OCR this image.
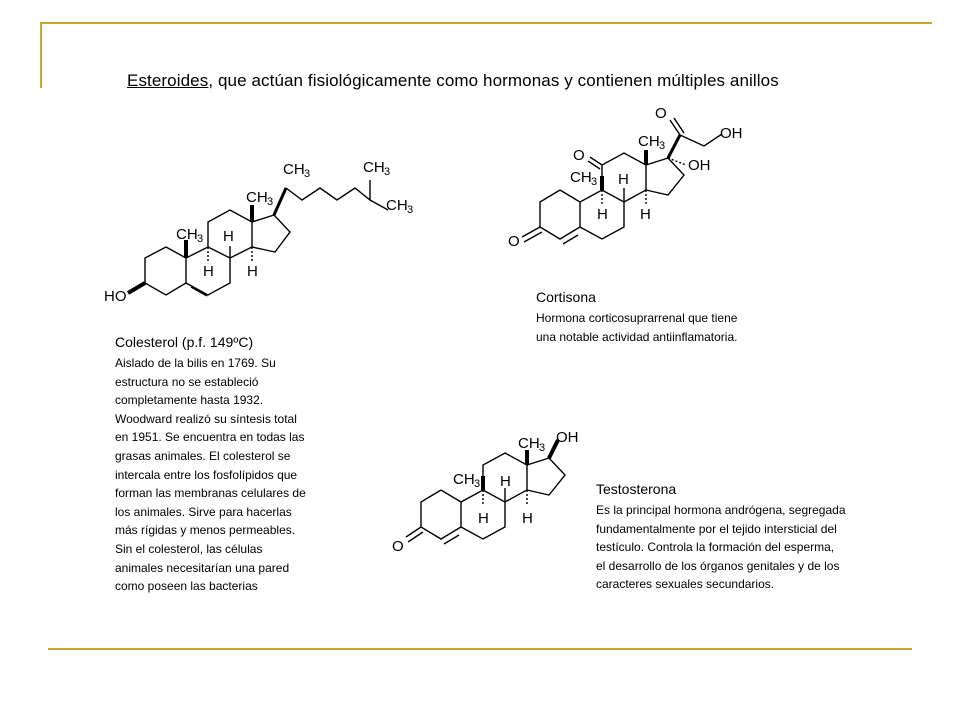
Esteroides, que actúan fisiológicamente como hormonas y contienen múltiples anillos
HO
CH 3
CH 3
CH 3	CH 3
CH 3
H
H H
O
O
O
OH
OH
CH 3
CH 3 H
H H
O
OH
CH 3
CH 3 H
H H

Colesterol (p.f. 149ºC)

Aislado de la bilis en 1769. Su estructura no se estableció completamente hasta 1932. Woodward realizó su síntesis total en 1951. Se encuentra en todas las grasas animales. El colesterol se intercala entre los fosfolípidos que forman las membranas celulares de los animales. Sirve para hacerlas más rígidas y menos permeables. Sin el colesterol, las células animales necesitarían una pared como poseen las bacterias

Cortisona

Hormona corticosuprarrenal que tiene una notable actividad antiinflamatoria.

Testosterona

Es la principal hormona andrógena, segregada fundamentalmente por el tejido intersticial del testículo. Controla la formación del esperma, el desarrollo de los órganos genitales y de los caracteres sexuales secundarios.
